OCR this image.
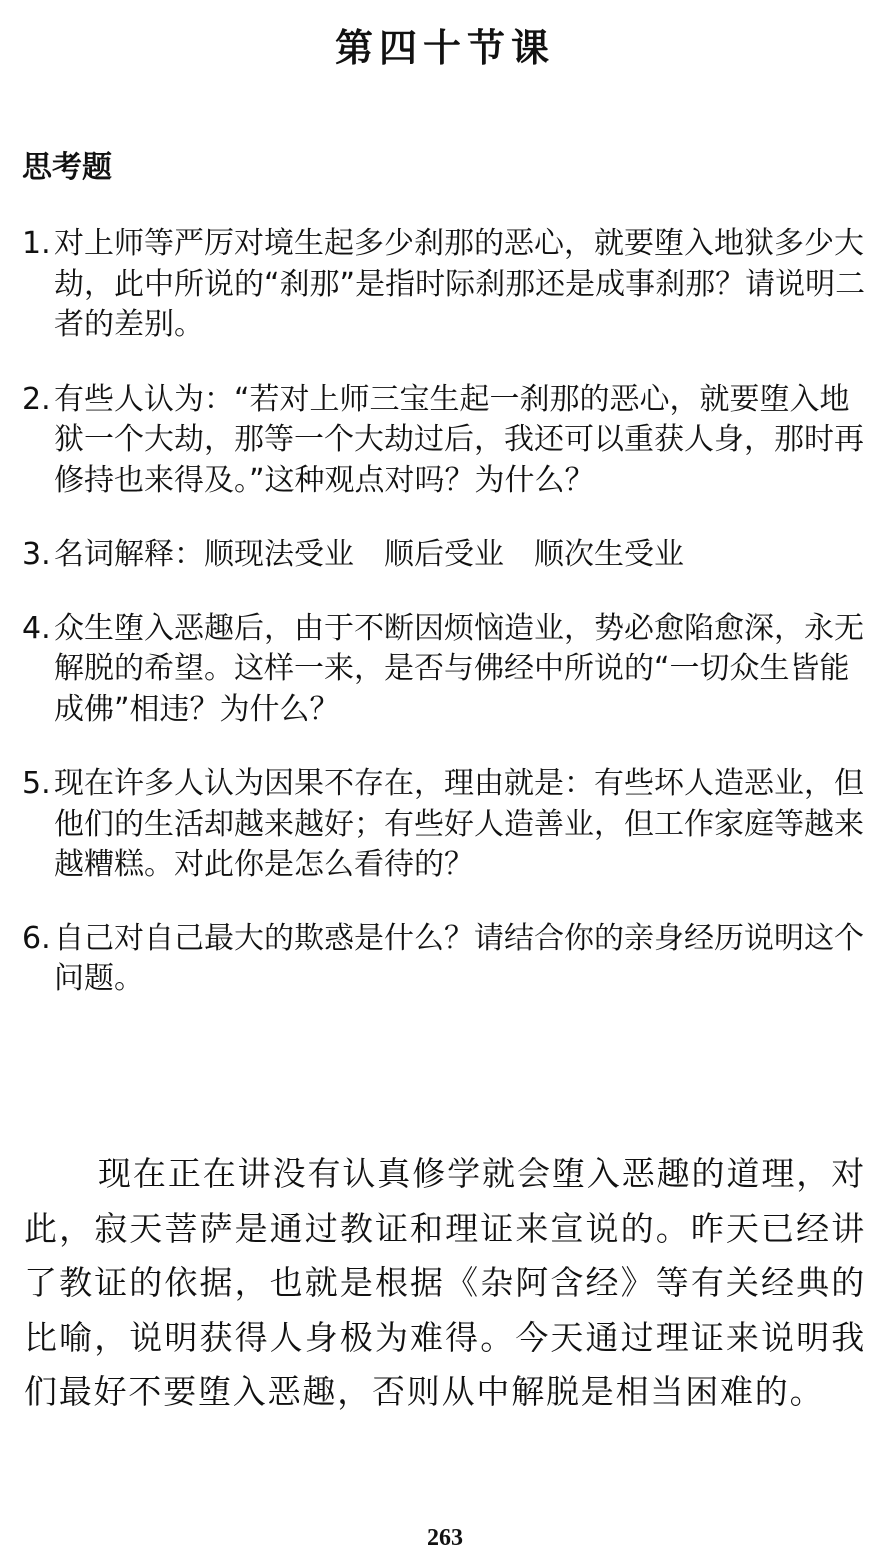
第四十节课
思考题
1. 对上师等严厉对境生起多少刹那的恶心，就要堕入地狱多少大劫，此中所说的“刹那”是指时际刹那还是成事刹那？请说明二者的差别。
2. 有些人认为：“若对上师三宝生起一刹那的恶心，就要堕入地狱一个大劫，那等一个大劫过后，我还可以重获人身，那时再修持也来得及。”这种观点对吗？为什么？
3. 名词解释：顺现法受业　顺后受业　顺次生受业
4. 众生堕入恶趣后，由于不断因烦恼造业，势必愈陷愈深，永无解脱的希望。这样一来，是否与佛经中所说的“一切众生皆能成佛”相违？为什么？
5. 现在许多人认为因果不存在，理由就是：有些坏人造恶业，但他们的生活却越来越好；有些好人造善业，但工作家庭等越来越糟糕。对此你是怎么看待的？
6. 自己对自己最大的欺惑是什么？请结合你的亲身经历说明这个问题。

现在正在讲没有认真修学就会堕入恶趣的道理，对此，寂天菩萨是通过教证和理证来宣说的。昨天已经讲了教证的依据，也就是根据《杂阿含经》等有关经典的比喻，说明获得人身极为难得。今天通过理证来说明我们最好不要堕入恶趣，否则从中解脱是相当困难的。

263
